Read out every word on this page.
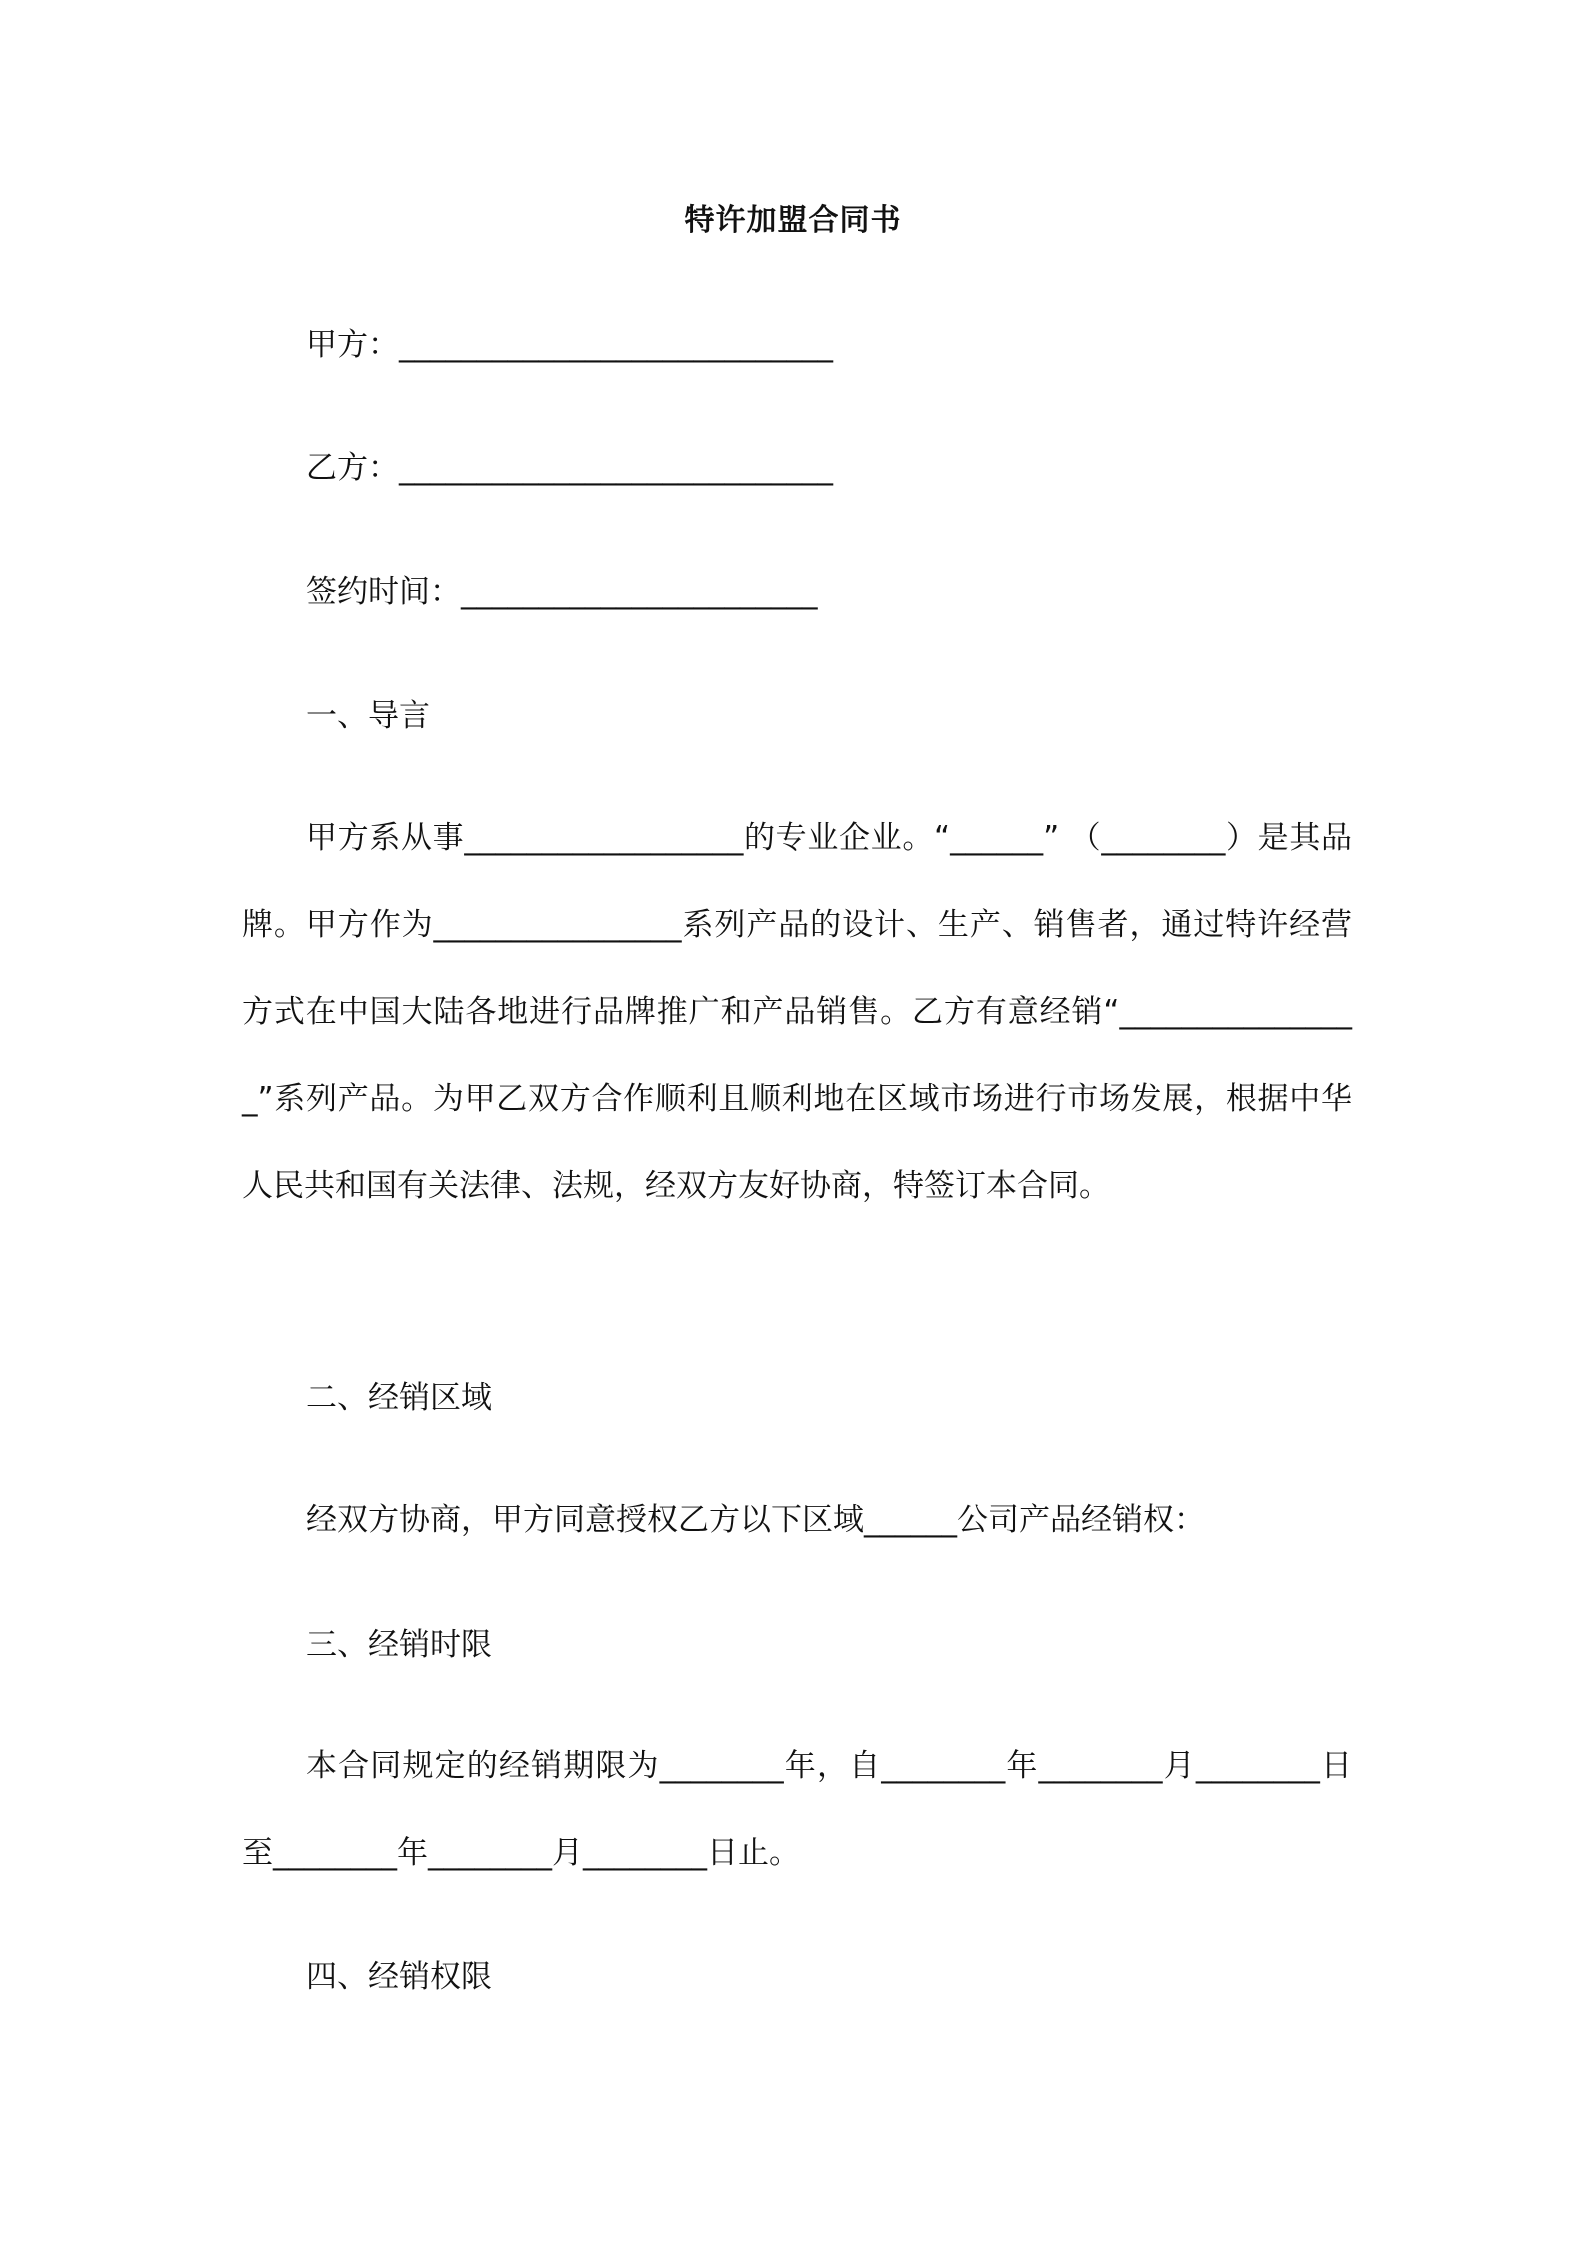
特许加盟合同书
甲方：____________________________
乙方：____________________________
签约时间：_______________________
一、导言
甲方系从事__________________的专业企业。“______” （________）是其品牌。甲方作为________________系列产品的设计、生产、销售者，通过特许经营方式在中国大陆各地进行品牌推广和产品销售。乙方有意经销“________________”系列产品。为甲乙双方合作顺利且顺利地在区域市场进行市场发展，根据中华人民共和国有关法律、法规，经双方友好协商，特签订本合同。
二、经销区域
经双方协商，甲方同意授权乙方以下区域______公司产品经销权：
三、经销时限
本合同规定的经销期限为________年，自________年________月________日至________年________月________日止。
四、经销权限
